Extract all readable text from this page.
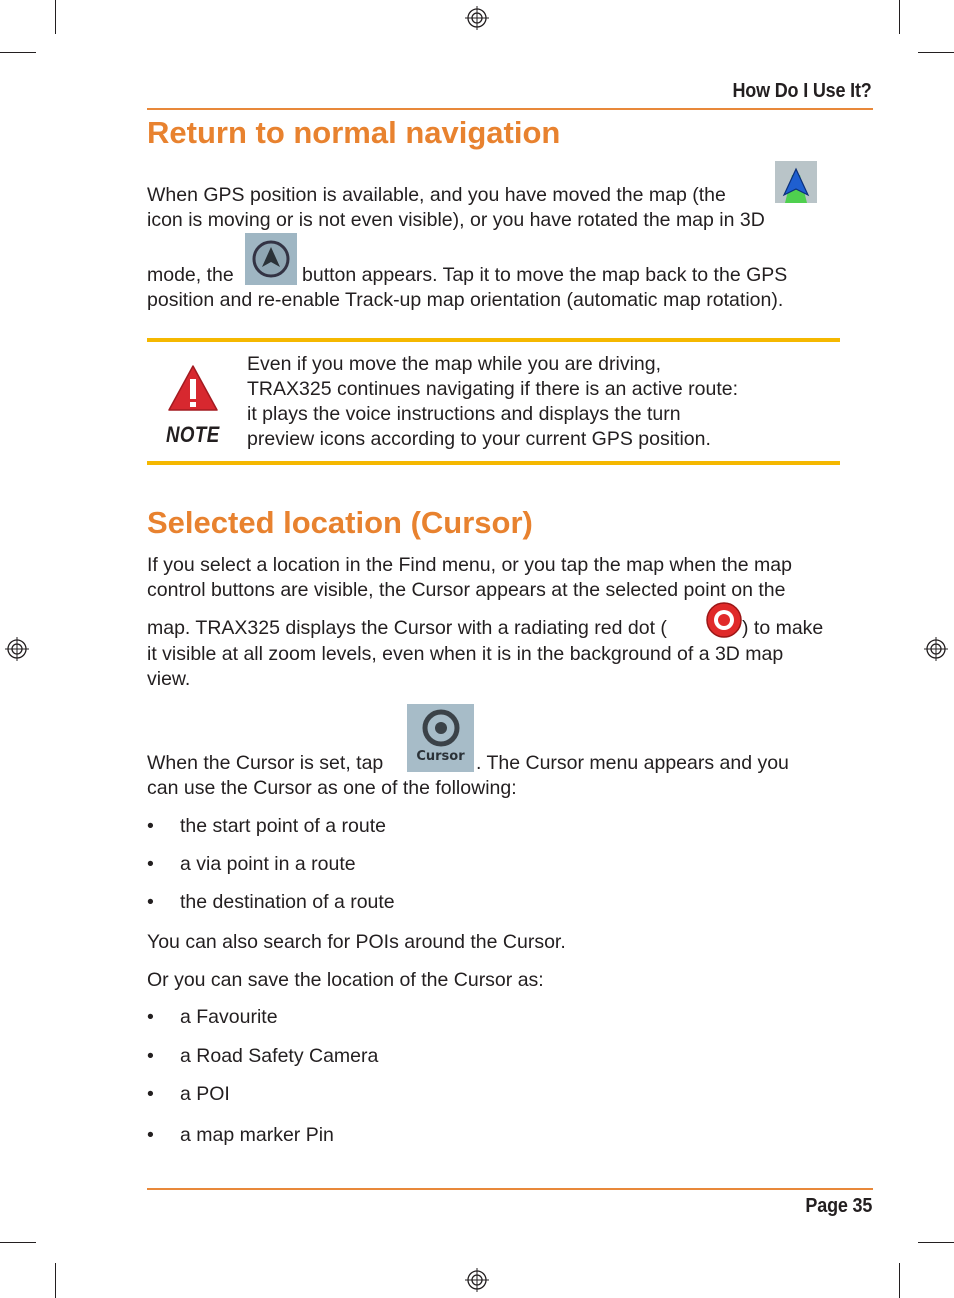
How Do I Use It?
Return to normal navigation
When GPS position is available, and you have moved the map (the
icon is moving or is not even visible), or you have rotated the map in 3D
mode, the	button appears. Tap it to move the map back to the GPS
position and re-enable Track-up map orientation (automatic map rotation).
NOTE
Even if you move the map while you are driving,
TRAX325 continues navigating if there is an active route:
it plays the voice instructions and displays the turn
preview icons according to your current GPS position.
Selected location (Cursor)
If you select a location in the Find menu, or you tap the map when the map
control buttons are visible, the Cursor appears at the selected point on the
map. TRAX325 displays the Cursor with a radiating red dot (	) to make
it visible at all zoom levels, even when it is in the background of a 3D map
view.
When the Cursor is set, tap	Cursor . The Cursor menu appears and you
can use the Cursor as one of the following:
• the start point of a route
• a via point in a route
• the destination of a route
You can also search for POIs around the Cursor.
Or you can save the location of the Cursor as:
• a Favourite
• a Road Safety Camera
• a POI
• a map marker Pin
Page 35
